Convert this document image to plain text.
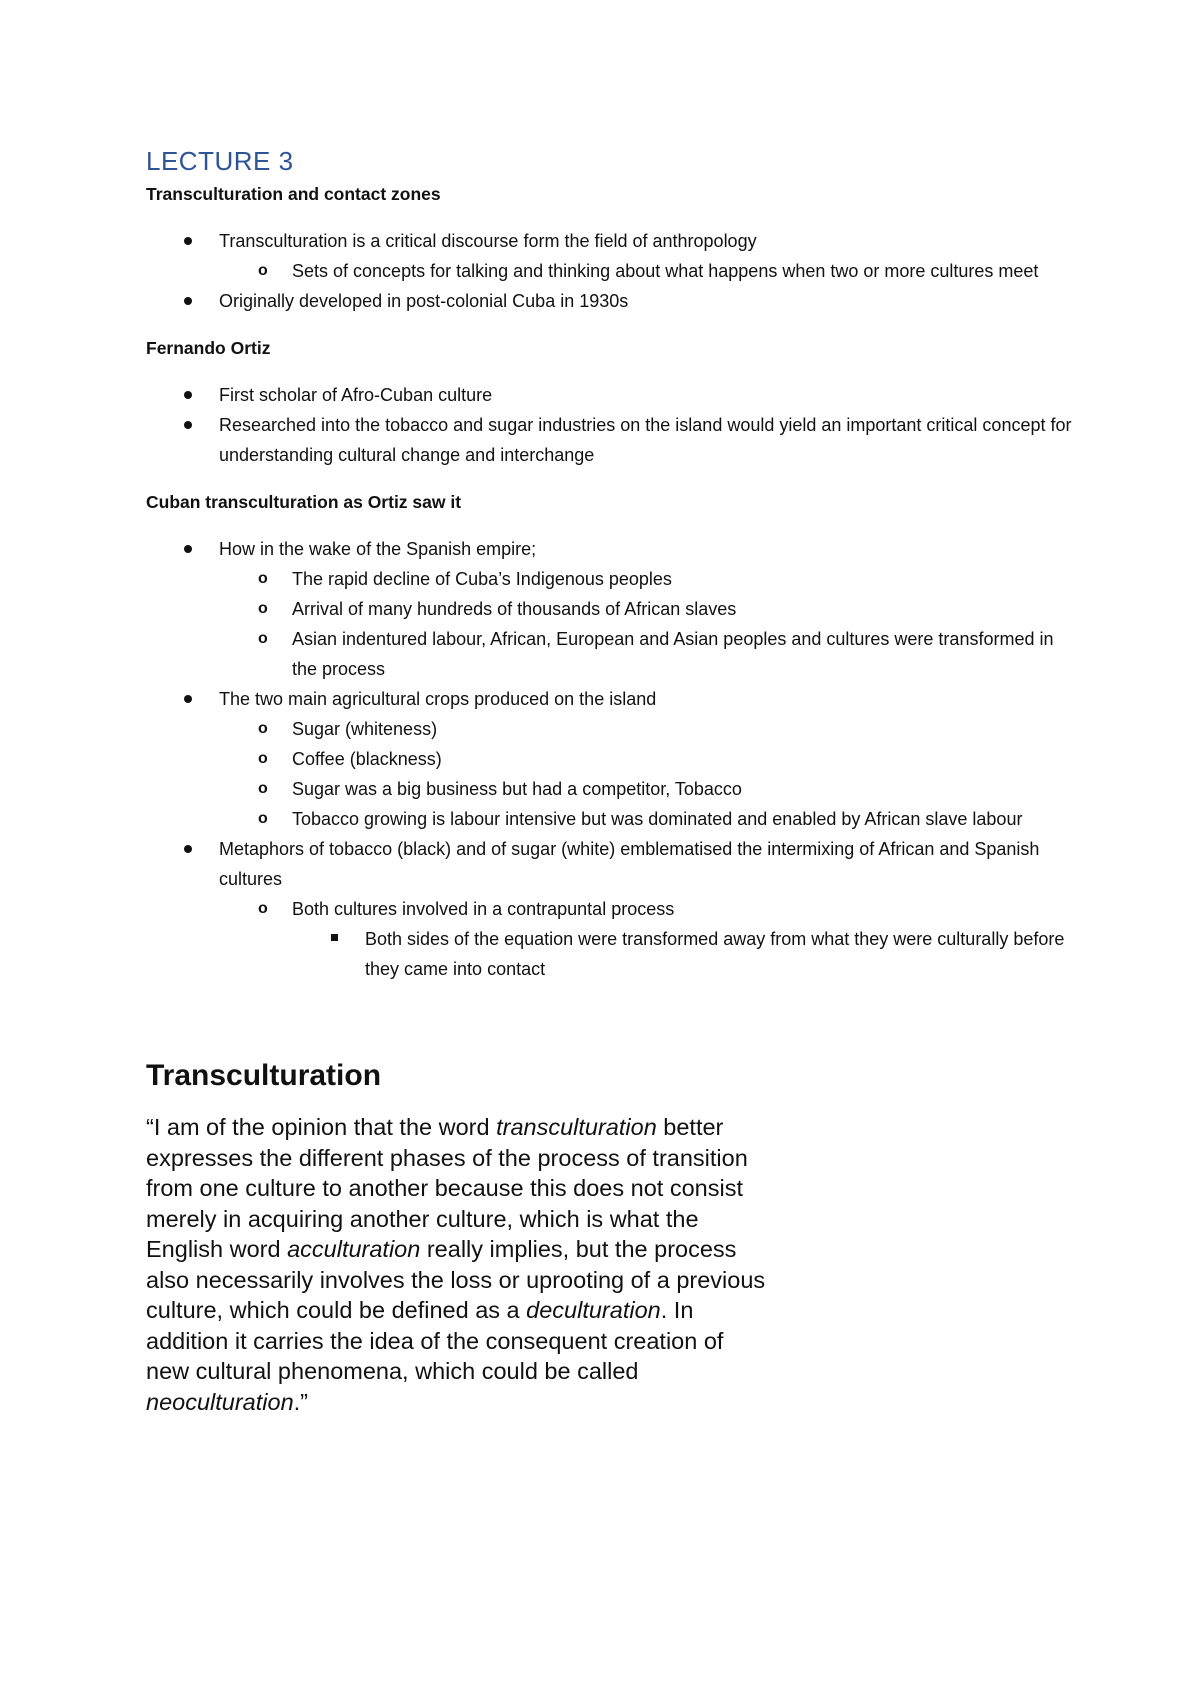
LECTURE 3
Transculturation and contact zones
Transculturation is a critical discourse form the field of anthropology
o Sets of concepts for talking and thinking about what happens when two or more cultures meet
Originally developed in post-colonial Cuba in 1930s
Fernando Ortiz
First scholar of Afro-Cuban culture
Researched into the tobacco and sugar industries on the island would yield an important critical concept for understanding cultural change and interchange
Cuban transculturation as Ortiz saw it
How in the wake of the Spanish empire;
o The rapid decline of Cuba’s Indigenous peoples
o Arrival of many hundreds of thousands of African slaves
o Asian indentured labour, African, European and Asian peoples and cultures were transformed in the process
The two main agricultural crops produced on the island
o Sugar (whiteness)
o Coffee (blackness)
o Sugar was a big business but had a competitor, Tobacco
o Tobacco growing is labour intensive but was dominated and enabled by African slave labour
Metaphors of tobacco (black) and of sugar (white) emblematised the intermixing of African and Spanish cultures
o Both cultures involved in a contrapuntal process
Both sides of the equation were transformed away from what they were culturally before they came into contact
Transculturation

“I am of the opinion that the word transculturation better expresses the different phases of the process of transition from one culture to another because this does not consist merely in acquiring another culture, which is what the English word acculturation really implies, but the process also necessarily involves the loss or uprooting of a previous culture, which could be defined as a deculturation. In addition it carries the idea of the consequent creation of new cultural phenomena, which could be called neoculturation.”
